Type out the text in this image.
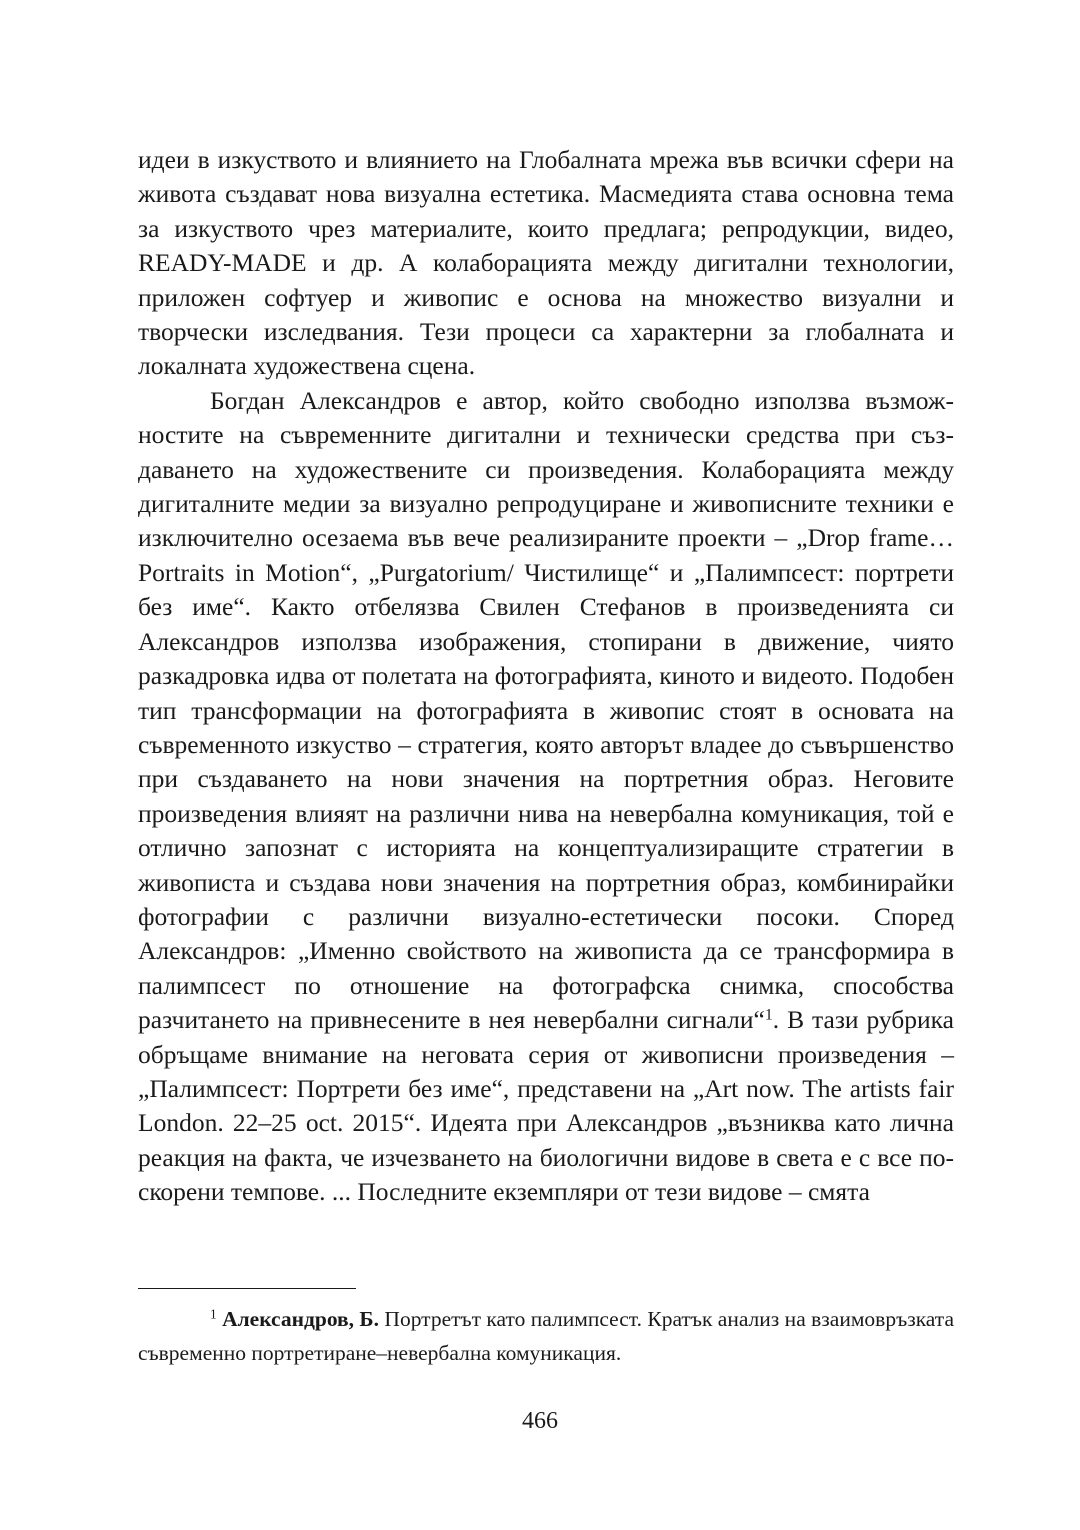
идеи в изкуството и влиянието на Глобалната мрежа във всички сфери на живота създават нова визуална естетика. Масмедията става основна тема за изкуството чрез материалите, които предлага; репродукции, видео, READY-MADE и др. А колаборацията между дигитални технологии, приложен софтуер и живопис е основа на множество визуални и творчески изследвания. Тези процеси са характерни за глобалната и локалната художествена сцена.

Богдан Александров е автор, който свободно използва възможностите на съвременните дигитални и технически средства при създаването на художествените си произведения. Колаборацията между дигиталните медии за визуално репродуциране и живописните техники е изключително осезаема във вече реализираните проекти – „Drop frame… Portraits in Motion“, „Purgatorium/ Чистилище“ и „Палимпсест: портрети без име“. Както отбелязва Свилен Стефанов в произведенията си Александров използва изображения, стопирани в движение, чиято разкадровка идва от полетата на фотографията, киното и видеото. Подобен тип трансформации на фотографията в живопис стоят в основата на съвременното изкуство – стратегия, която авторът владее до съвършенство при създаването на нови значения на портретния образ. Неговите произведения влияят на различни нива на невербална комуникация, той е отлично запознат с историята на концептуализиращите стратегии в живописта и създава нови значения на портретния образ, комбинирайки фотографии с различни визуално-естетически посоки. Според Александров: „Именно свойството на живописта да се трансформира в палимпсест по отношение на фотографска снимка, способства разчитането на привнесените в нея невербални сигнали“$^1$. В тази рубрика обръщаме внимание на неговата серия от живописни произведения – „Палимпсест: Портрети без име“, представени на „Art now. The artists fair London. 22–25 oct. 2015“. Идеята при Александров „възниква като лична реакция на факта, че изчезването на биологични видове в света е с все поскорени темпове. ... Последните екземпляри от тези видове – смята

$^1$ Александров, Б. Портретът като палимпсест. Кратък анализ на взаимовръзката съвременно портретиране–невербална комуникация.

466
